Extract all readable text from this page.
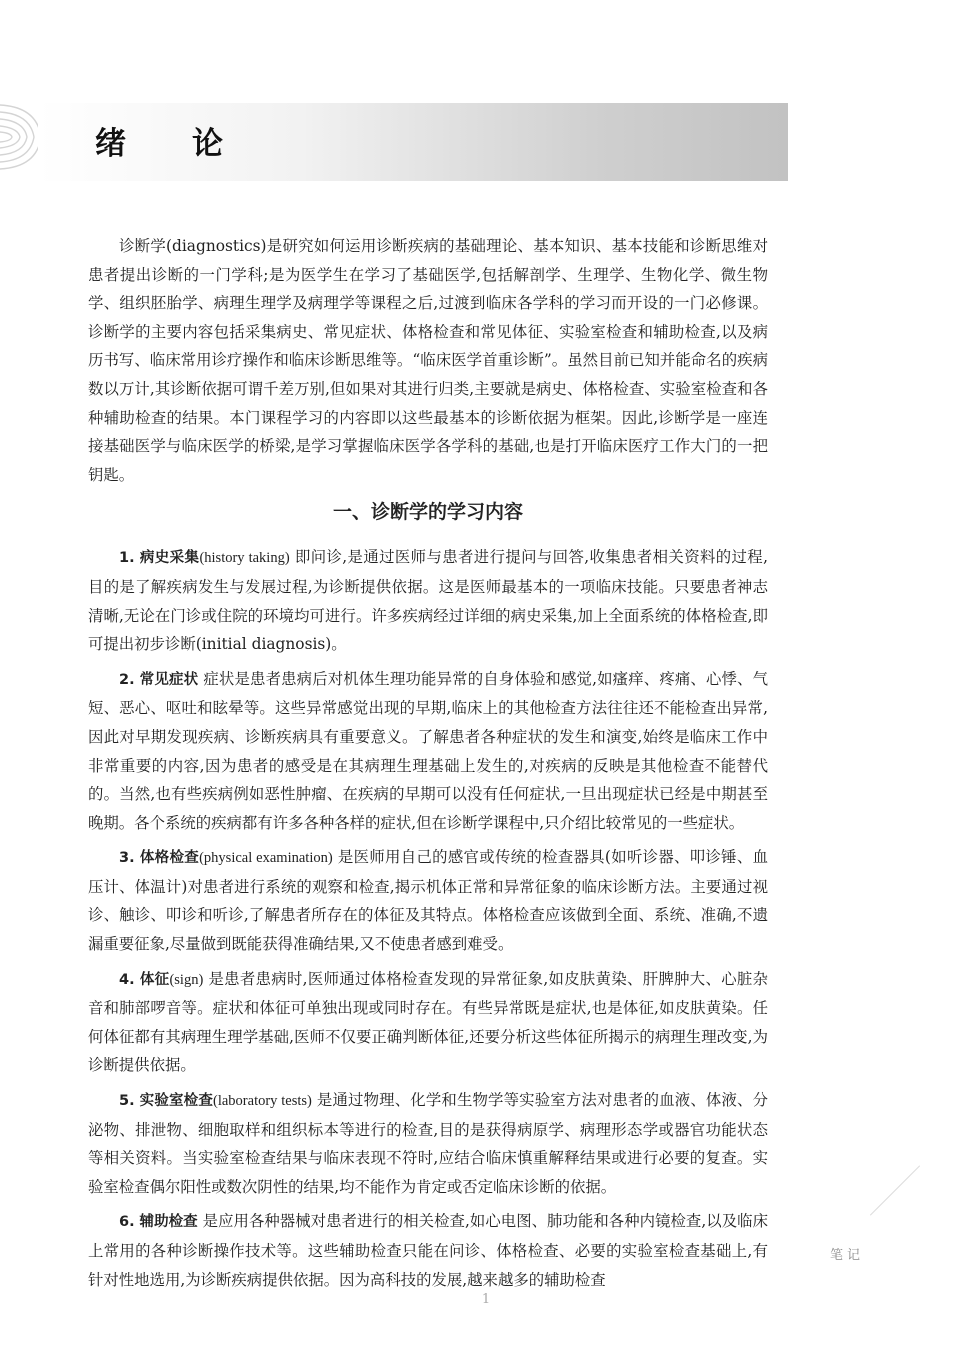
绪 论

诊断学(diagnostics)是研究如何运用诊断疾病的基础理论、基本知识、基本技能和诊断思维对患者提出诊断的一门学科;是为医学生在学习了基础医学,包括解剖学、生理学、生物化学、微生物学、组织胚胎学、病理生理学及病理学等课程之后,过渡到临床各学科的学习而开设的一门必修课。诊断学的主要内容包括采集病史、常见症状、体格检查和常见体征、实验室检查和辅助检查,以及病历书写、临床常用诊疗操作和临床诊断思维等。“临床医学首重诊断”。虽然目前已知并能命名的疾病数以万计,其诊断依据可谓千差万别,但如果对其进行归类,主要就是病史、体格检查、实验室检查和各种辅助检查的结果。本门课程学习的内容即以这些最基本的诊断依据为框架。因此,诊断学是一座连接基础医学与临床医学的桥梁,是学习掌握临床医学各学科的基础,也是打开临床医疗工作大门的一把钥匙。

一、诊断学的学习内容

1. 病史采集(history taking) 即问诊,是通过医师与患者进行提问与回答,收集患者相关资料的过程,目的是了解疾病发生与发展过程,为诊断提供依据。这是医师最基本的一项临床技能。只要患者神志清晰,无论在门诊或住院的环境均可进行。许多疾病经过详细的病史采集,加上全面系统的体格检查,即可提出初步诊断(initial diagnosis)。

2. 常见症状 症状是患者患病后对机体生理功能异常的自身体验和感觉,如瘙痒、疼痛、心悸、气短、恶心、呕吐和眩晕等。这些异常感觉出现的早期,临床上的其他检查方法往往还不能检查出异常,因此对早期发现疾病、诊断疾病具有重要意义。了解患者各种症状的发生和演变,始终是临床工作中非常重要的内容,因为患者的感受是在其病理生理基础上发生的,对疾病的反映是其他检查不能替代的。当然,也有些疾病例如恶性肿瘤、在疾病的早期可以没有任何症状,一旦出现症状已经是中期甚至晚期。各个系统的疾病都有许多各种各样的症状,但在诊断学课程中,只介绍比较常见的一些症状。

3. 体格检查(physical examination) 是医师用自己的感官或传统的检查器具(如听诊器、叩诊锤、血压计、体温计)对患者进行系统的观察和检查,揭示机体正常和异常征象的临床诊断方法。主要通过视诊、触诊、叩诊和听诊,了解患者所存在的体征及其特点。体格检查应该做到全面、系统、准确,不遗漏重要征象,尽量做到既能获得准确结果,又不使患者感到难受。

4. 体征(sign) 是患者患病时,医师通过体格检查发现的异常征象,如皮肤黄染、肝脾肿大、心脏杂音和肺部啰音等。症状和体征可单独出现或同时存在。有些异常既是症状,也是体征,如皮肤黄染。任何体征都有其病理生理学基础,医师不仅要正确判断体征,还要分析这些体征所揭示的病理生理改变,为诊断提供依据。

5. 实验室检查(laboratory tests) 是通过物理、化学和生物学等实验室方法对患者的血液、体液、分泌物、排泄物、细胞取样和组织标本等进行的检查,目的是获得病原学、病理形态学或器官功能状态等相关资料。当实验室检查结果与临床表现不符时,应结合临床慎重解释结果或进行必要的复查。实验室检查偶尔阳性或数次阴性的结果,均不能作为肯定或否定临床诊断的依据。

6. 辅助检查 是应用各种器械对患者进行的相关检查,如心电图、肺功能和各种内镜检查,以及临床上常用的各种诊断操作技术等。这些辅助检查只能在问诊、体格检查、必要的实验室检查基础上,有针对性地选用,为诊断疾病提供依据。因为高科技的发展,越来越多的辅助检查

笔记
1
